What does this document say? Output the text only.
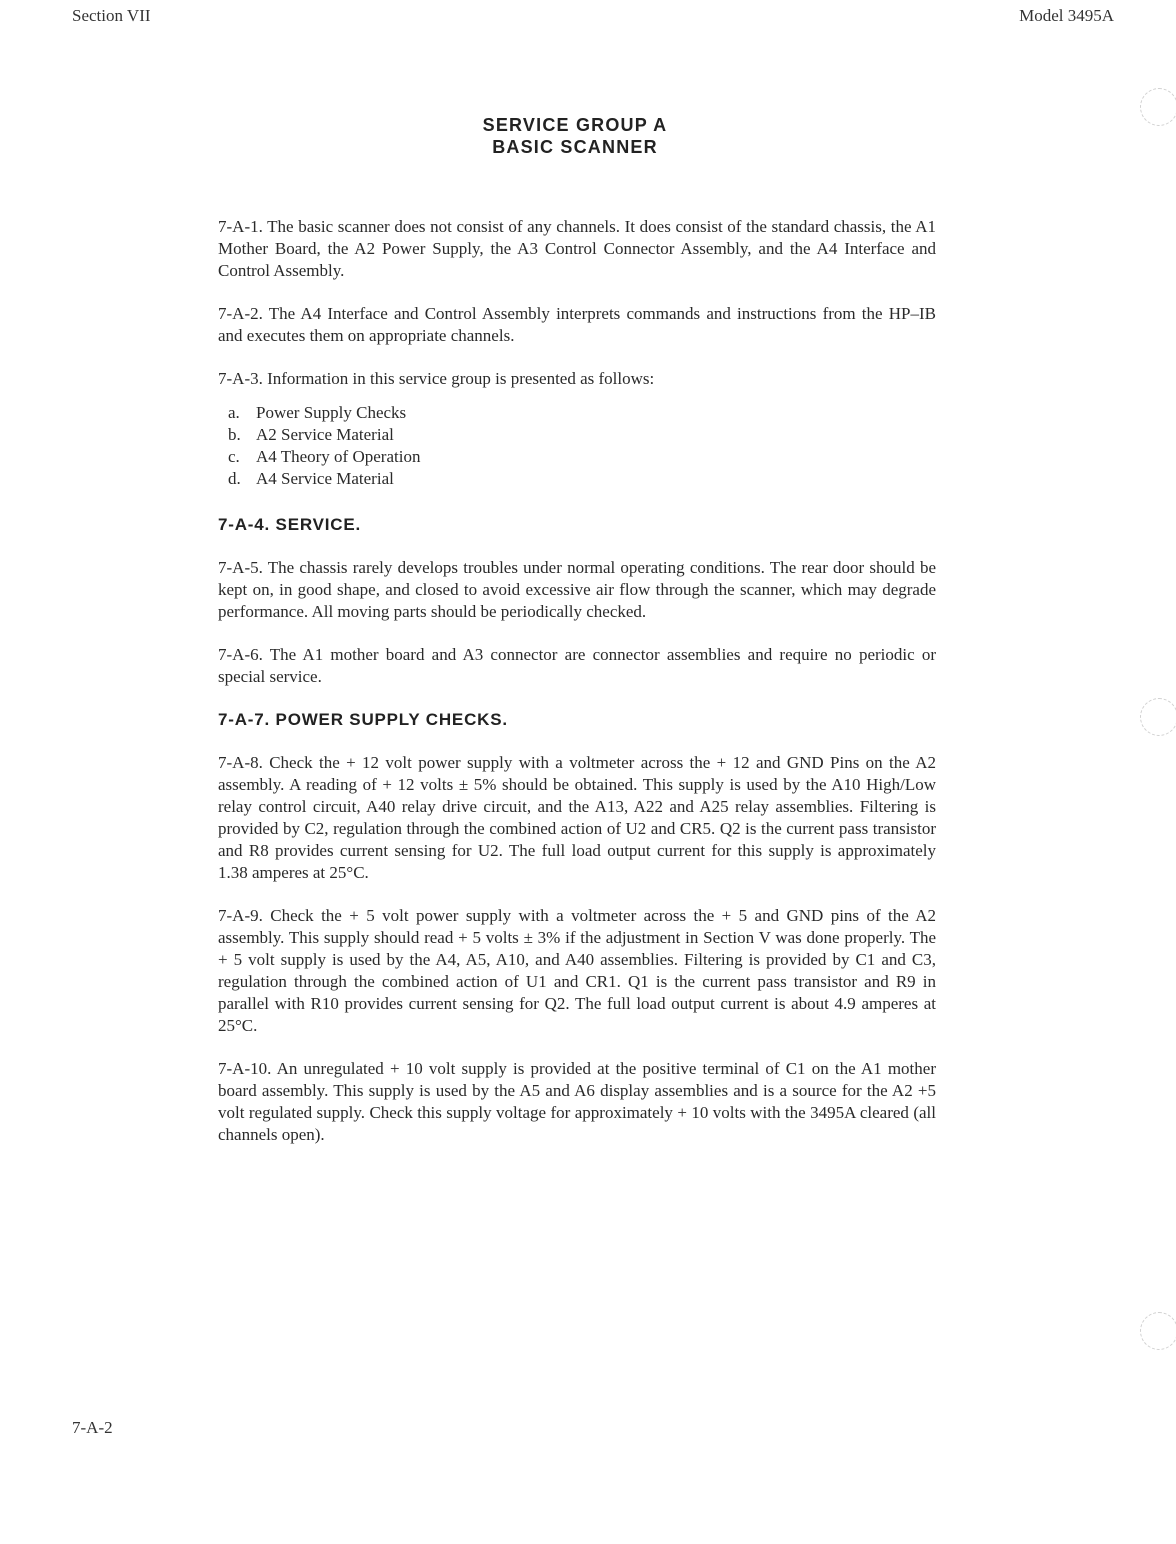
Section VII	Model 3495A
SERVICE GROUP A
BASIC SCANNER

7-A-1. The basic scanner does not consist of any channels. It does consist of the standard chassis, the A1 Mother Board, the A2 Power Supply, the A3 Control Connector Assembly, and the A4 Interface and Control Assembly.

7-A-2. The A4 Interface and Control Assembly interprets commands and instructions from the HP–IB and executes them on appropriate channels.

7-A-3. Information in this service group is presented as follows:

a. Power Supply Checks
b. A2 Service Material
c. A4 Theory of Operation
d. A4 Service Material
7-A-4. SERVICE.

7-A-5. The chassis rarely develops troubles under normal operating conditions. The rear door should be kept on, in good shape, and closed to avoid excessive air flow through the scanner, which may degrade performance. All moving parts should be periodically checked.

7-A-6. The A1 mother board and A3 connector are connector assemblies and require no periodic or special service.

7-A-7. POWER SUPPLY CHECKS.

7-A-8. Check the + 12 volt power supply with a voltmeter across the + 12 and GND Pins on the A2 assembly. A reading of + 12 volts ± 5% should be obtained. This supply is used by the A10 High/Low relay control circuit, A40 relay drive circuit, and the A13, A22 and A25 relay assemblies. Filtering is provided by C2, regulation through the combined action of U2 and CR5. Q2 is the current pass transistor and R8 provides current sensing for U2. The full load output current for this supply is approximately 1.38 amperes at 25°C.

7-A-9. Check the + 5 volt power supply with a voltmeter across the + 5 and GND pins of the A2 assembly. This supply should read + 5 volts ± 3% if the adjustment in Section V was done properly. The + 5 volt supply is used by the A4, A5, A10, and A40 assemblies. Filtering is provided by C1 and C3, regulation through the combined action of U1 and CR1. Q1 is the current pass transistor and R9 in parallel with R10 provides current sensing for Q2. The full load output current is about 4.9 amperes at 25°C.

7-A-10. An unregulated + 10 volt supply is provided at the positive terminal of C1 on the A1 mother board assembly. This supply is used by the A5 and A6 display assemblies and is a source for the A2 +5 volt regulated supply. Check this supply voltage for approximately + 10 volts with the 3495A cleared (all channels open).

7-A-2
